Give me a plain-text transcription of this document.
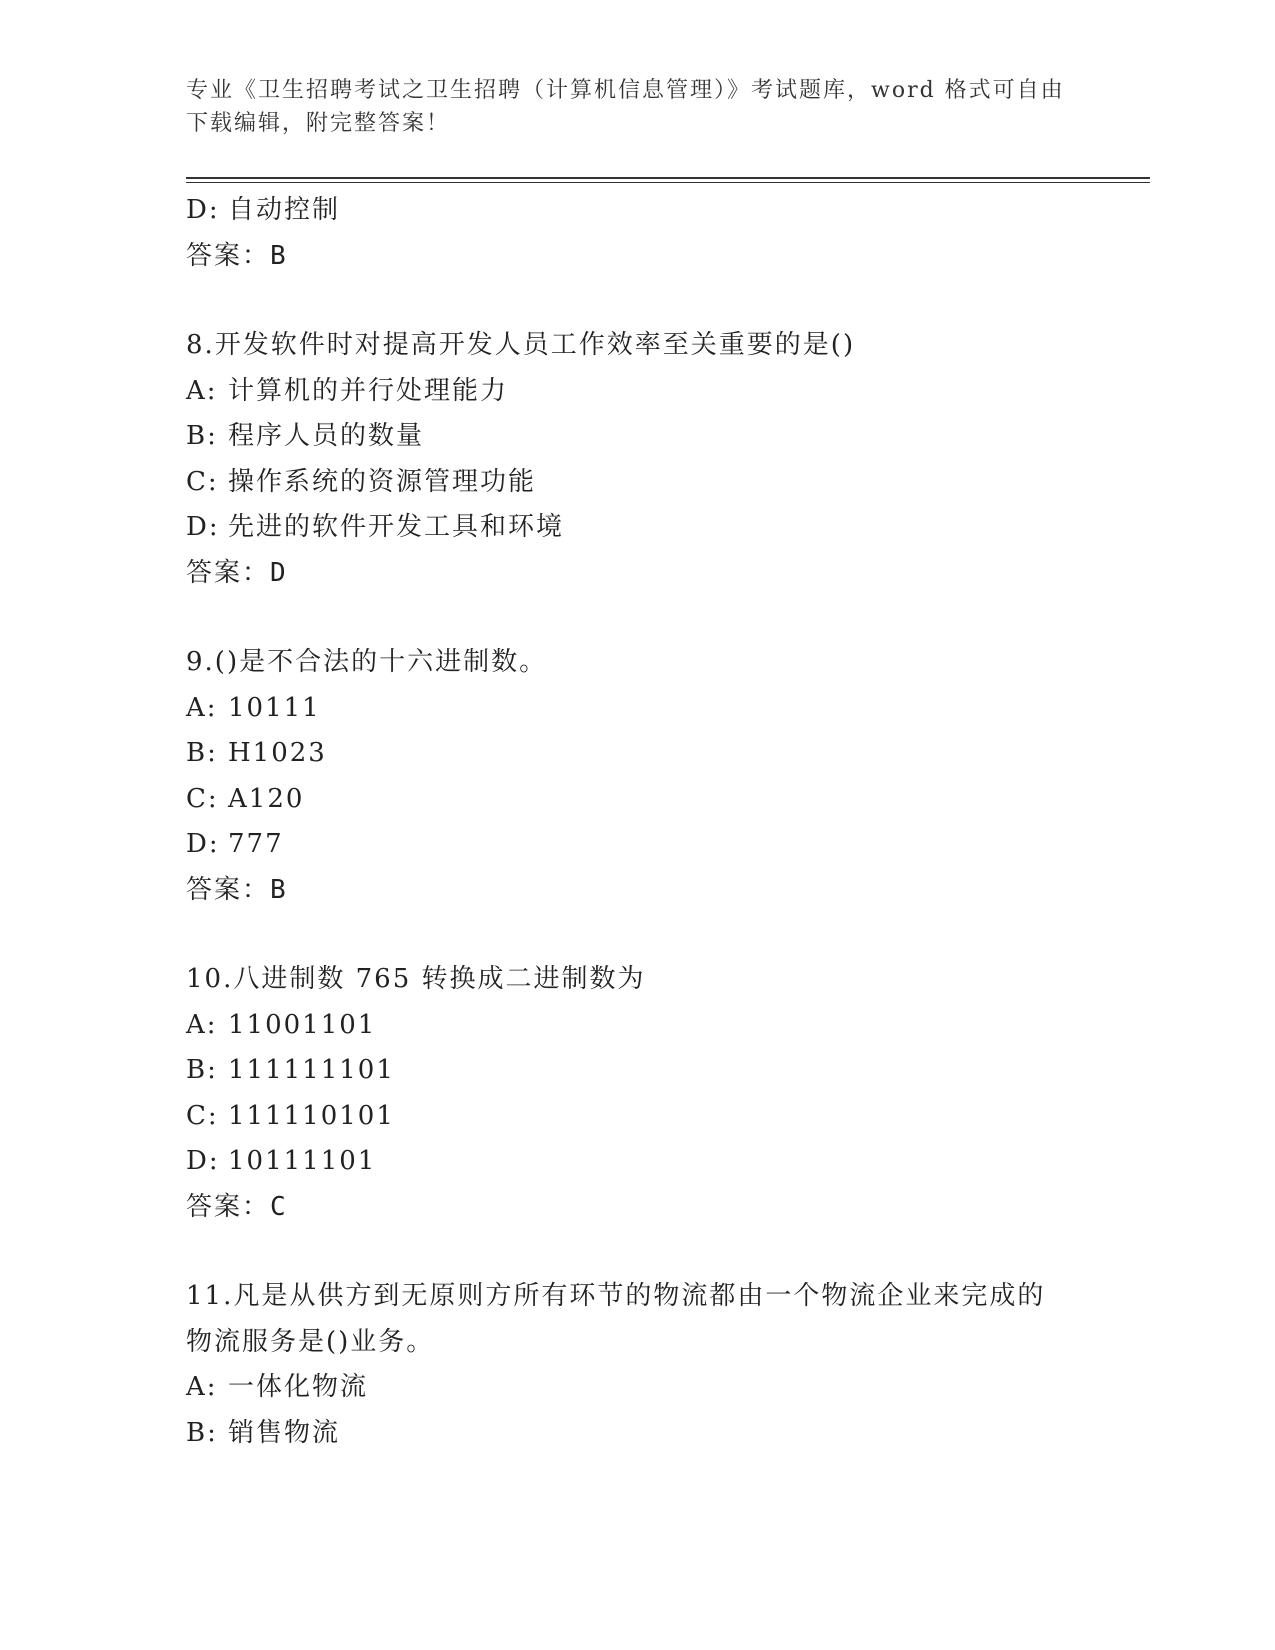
专业《卫生招聘考试之卫生招聘（计算机信息管理）》考试题库，word 格式可自由下载编辑，附完整答案！
D: 自动控制
答案：B
8.开发软件时对提高开发人员工作效率至关重要的是()
A: 计算机的并行处理能力
B: 程序人员的数量
C: 操作系统的资源管理功能
D: 先进的软件开发工具和环境
答案：D
9.()是不合法的十六进制数。
A: 10111
B: H1023
C: A120
D: 777
答案：B
10.八进制数 765 转换成二进制数为
A: 11001101
B: 111111101
C: 111110101
D: 10111101
答案：C
11.凡是从供方到无原则方所有环节的物流都由一个物流企业来完成的物流服务是()业务。
A: 一体化物流
B: 销售物流
